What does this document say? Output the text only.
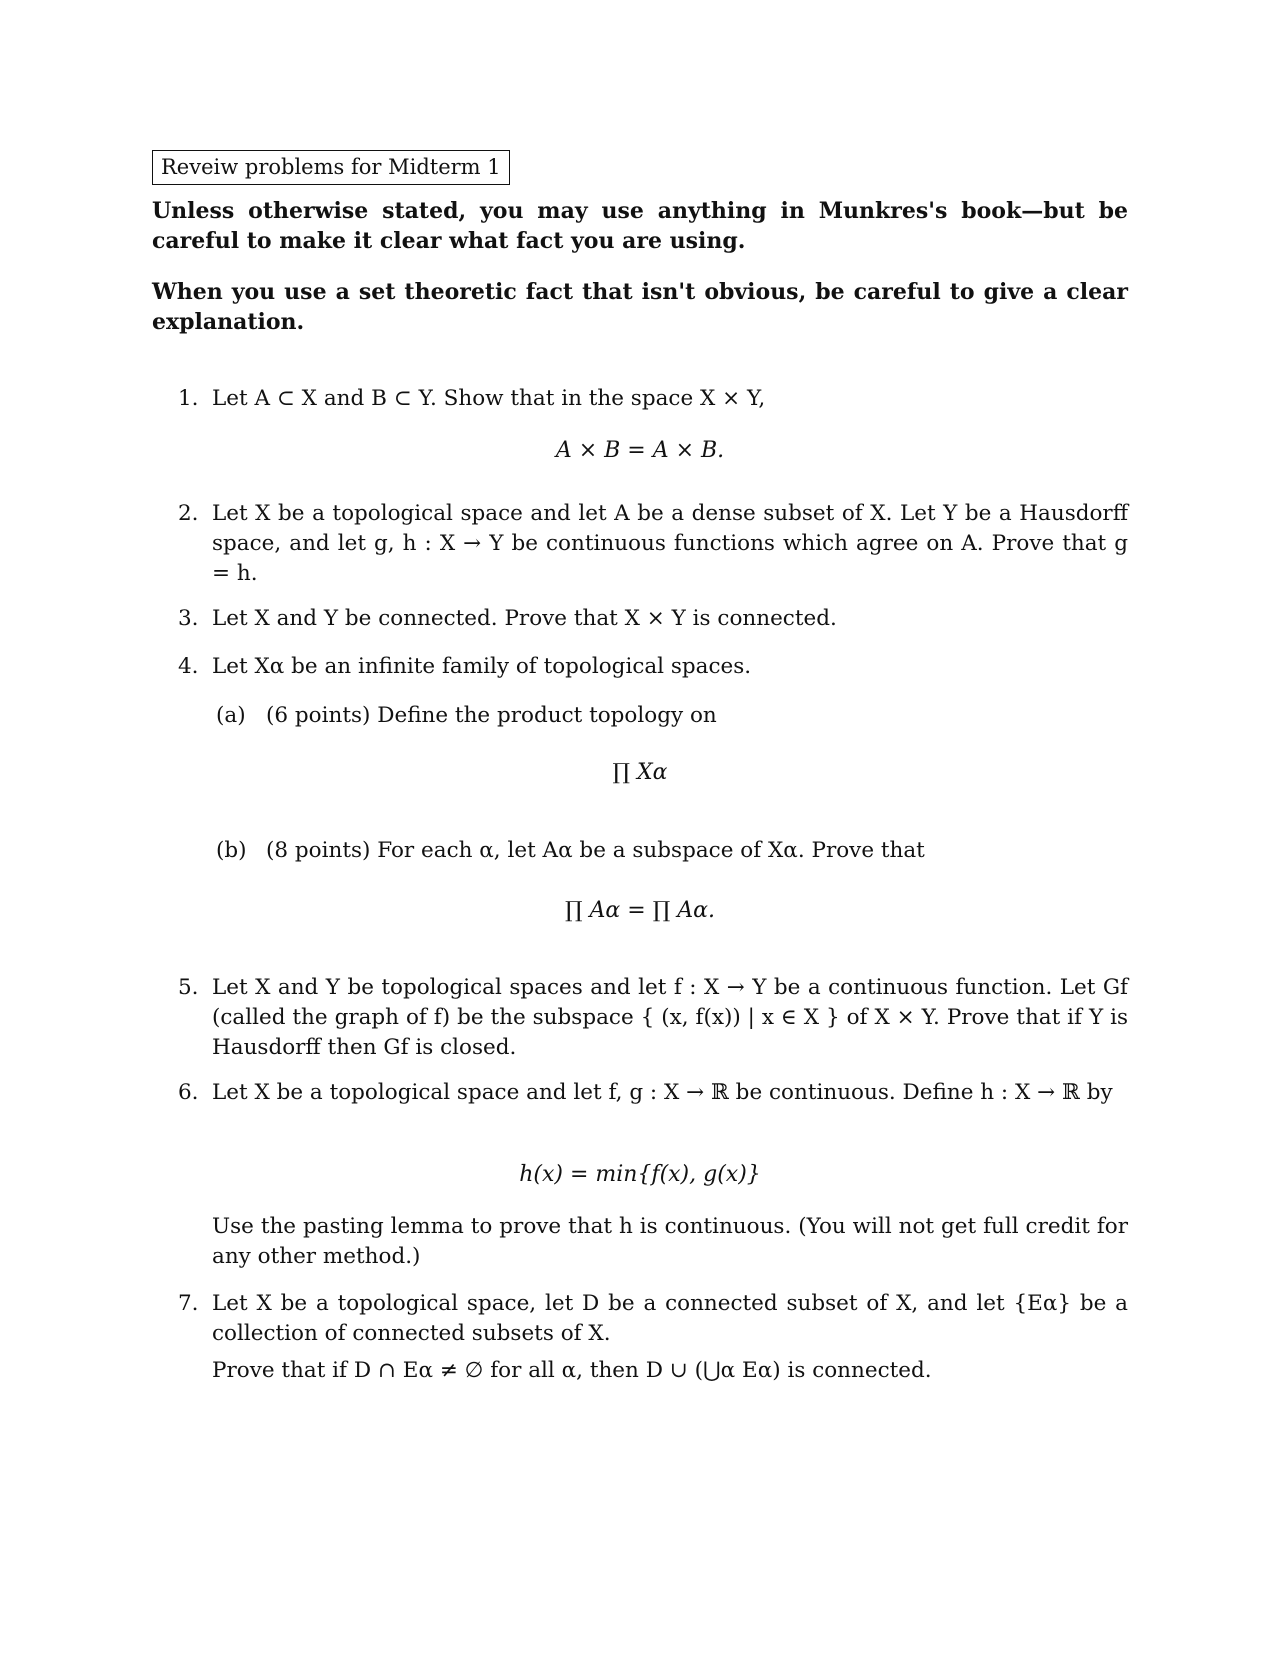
Reveiw problems for Midterm 1

Unless otherwise stated, you may use anything in Munkres's book—but be careful to make it clear what fact you are using.

When you use a set theoretic fact that isn't obvious, be careful to give a clear explanation.

1. Let A ⊂ X and B ⊂ Y. Show that in the space X × Y,
A × B = A × B.
2. Let X be a topological space and let A be a dense subset of X. Let Y be a Hausdorff space, and let g, h : X → Y be continuous functions which agree on A. Prove that g = h.
3. Let X and Y be connected. Prove that X × Y is connected.
4. Let Xα be an infinite family of topological spaces.
(a) (6 points) Define the product topology on
∏ Xα
(b) (8 points) For each α, let Aα be a subspace of Xα. Prove that
∏ Aα = ∏ Aα.
5. Let X and Y be topological spaces and let f : X → Y be a continuous function. Let Gf (called the graph of f) be the subspace { (x, f(x)) | x ∈ X } of X × Y. Prove that if Y is Hausdorff then Gf is closed.
6. Let X be a topological space and let f, g : X → ℝ be continuous. Define h : X → ℝ by
h(x) = min{f(x), g(x)}
Use the pasting lemma to prove that h is continuous. (You will not get full credit for any other method.)
7. Let X be a topological space, let D be a connected subset of X, and let {Eα} be a collection of connected subsets of X.
Prove that if D ∩ Eα ≠ ∅ for all α, then D ∪ (⋃α Eα) is connected.
